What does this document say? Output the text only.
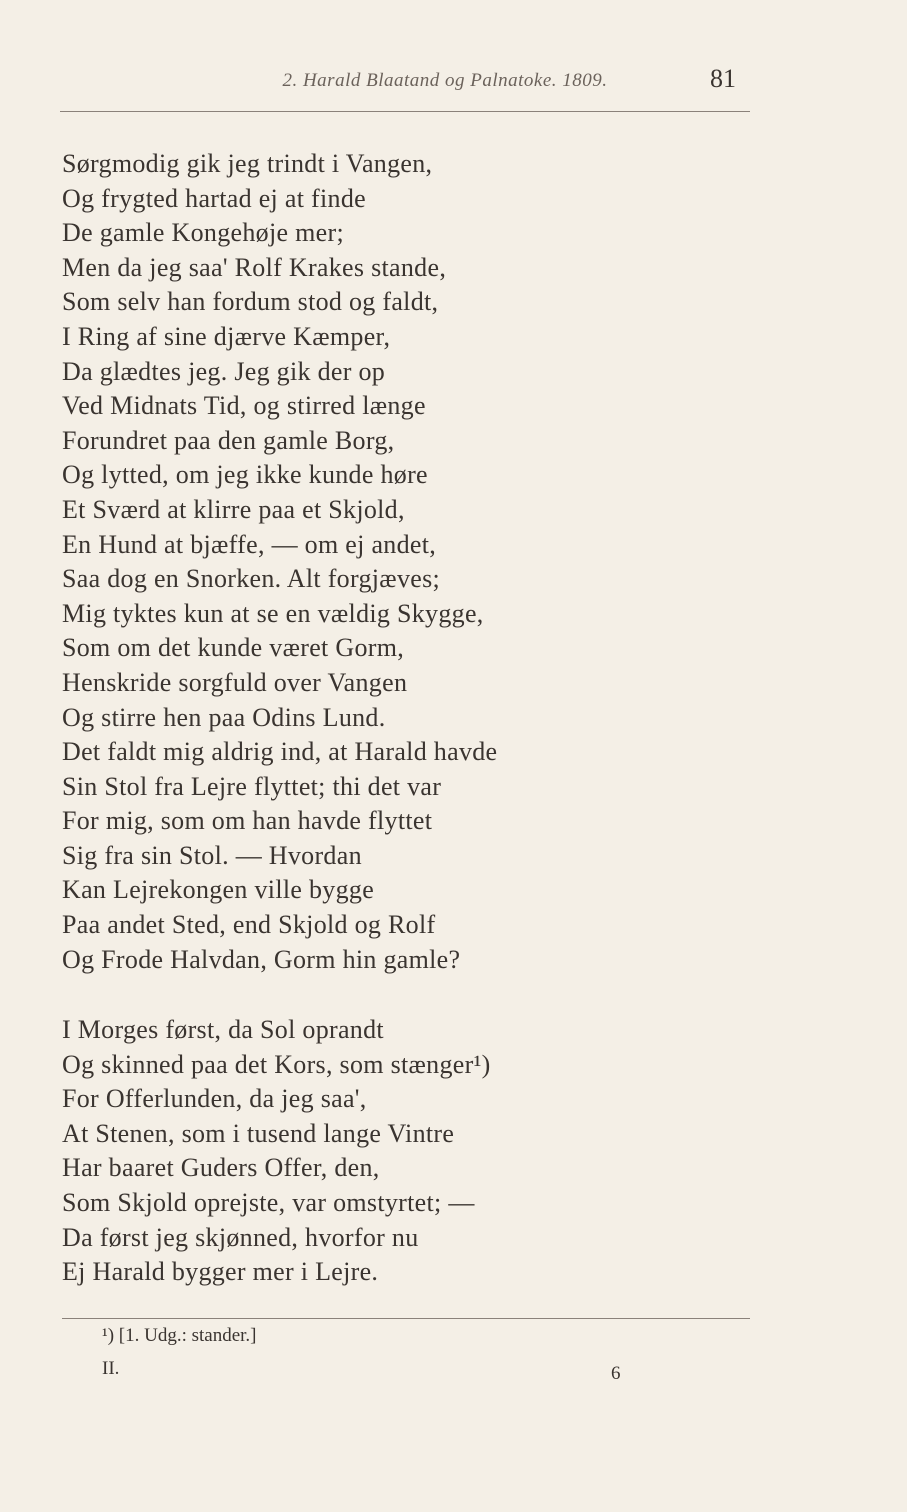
2. Harald Blaatand og Palnatoke. 1809.	81
Sørgmodig gik jeg trindt i Vangen,
Og frygted hartad ej at finde
De gamle Kongehøje mer;
Men da jeg saa' Rolf Krakes stande,
Som selv han fordum stod og faldt,
I Ring af sine djærve Kæmper,
Da glædtes jeg. Jeg gik der op
Ved Midnats Tid, og stirred længe
Forundret paa den gamle Borg,
Og lytted, om jeg ikke kunde høre
Et Sværd at klirre paa et Skjold,
En Hund at bjæffe, — om ej andet,
Saa dog en Snorken. Alt forgjæves;
Mig tyktes kun at se en vældig Skygge,
Som om det kunde været Gorm,
Henskride sorgfuld over Vangen
Og stirre hen paa Odins Lund.
Det faldt mig aldrig ind, at Harald havde
Sin Stol fra Lejre flyttet; thi det var
For mig, som om han havde flyttet
Sig fra sin Stol. — Hvordan
Kan Lejrekongen ville bygge
Paa andet Sted, end Skjold og Rolf
Og Frode Halvdan, Gorm hin gamle?
I Morges først, da Sol oprandt
Og skinned paa det Kors, som stænger¹)
For Offerlunden, da jeg saa',
At Stenen, som i tusend lange Vintre
Har baaret Guders Offer, den,
Som Skjold oprejste, var omstyrtet; —
Da først jeg skjønned, hvorfor nu
Ej Harald bygger mer i Lejre.
¹) [1. Udg.: stander.]
II.	6
